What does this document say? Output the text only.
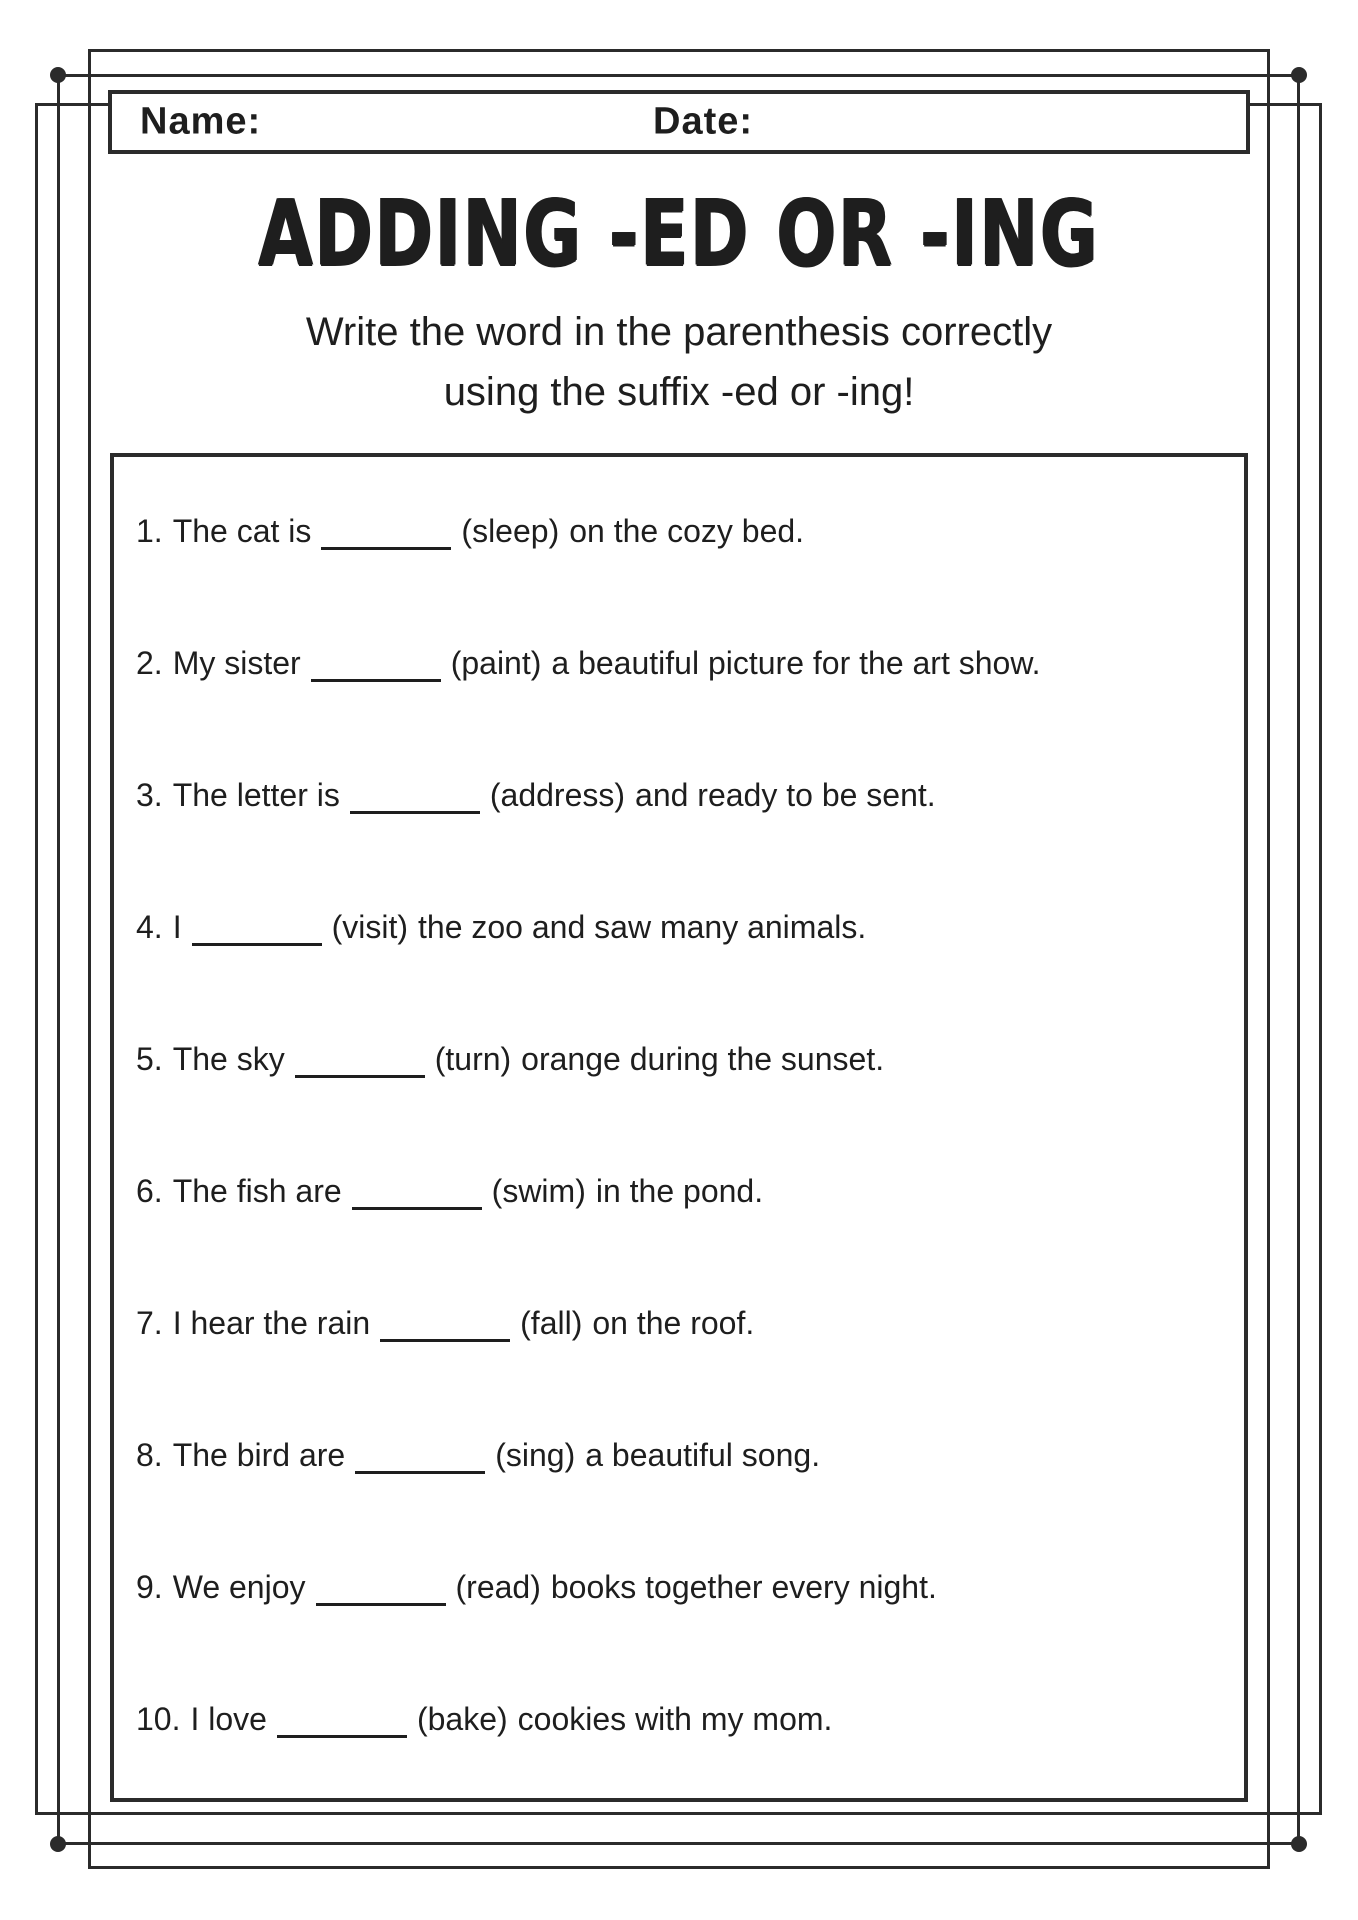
Name:	Date:
ADDING -ED OR -ING

Write the word in the parenthesis correctly

using the suffix -ed or -ing!

1. The cat is	(sleep) on the cozy bed.
2. My sister	(paint) a beautiful picture for the art show.
3. The letter is	(address) and ready to be sent.
4. I	(visit) the zoo and saw many animals.
5. The sky	(turn) orange during the sunset.
6. The fish are	(swim) in the pond.
7. I hear the rain	(fall) on the roof.
8. The bird are	(sing) a beautiful song.
9. We enjoy	(read) books together every night.
10. I love	(bake) cookies with my mom.
